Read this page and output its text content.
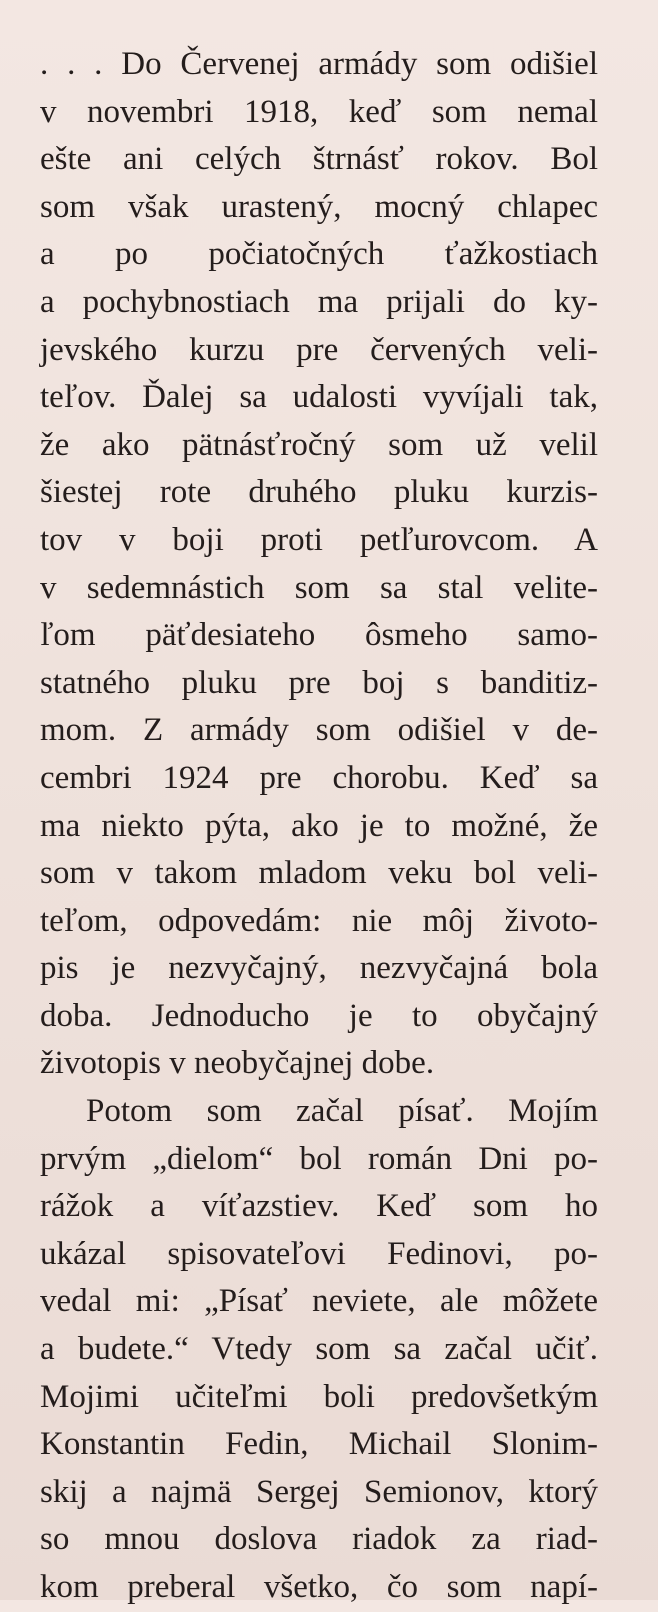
. . . Do Červenej armády som odišiel
v novembri 1918, keď som nemal
ešte ani celých štrnásť rokov. Bol
som však urastený, mocný chlapec
a po počiatočných ťažkostiach
a pochybnostiach ma prijali do ky-
jevského kurzu pre červených veli-
teľov. Ďalej sa udalosti vyvíjali tak,
že ako pätnásťročný som už velil
šiestej rote druhého pluku kurzis-
tov v boji proti petľurovcom. A
v sedemnástich som sa stal velite-
ľom päťdesiateho ôsmeho samo-
statného pluku pre boj s banditiz-
mom. Z armády som odišiel v de-
cembri 1924 pre chorobu. Keď sa
ma niekto pýta, ako je to možné, že
som v takom mladom veku bol veli-
teľom, odpovedám: nie môj životo-
pis je nezvyčajný, nezvyčajná bola
doba. Jednoducho je to obyčajný
životopis v neobyčajnej dobe.
Potom som začal písať. Mojím
prvým „dielom“ bol román Dni po-
rážok a víťazstiev. Keď som ho
ukázal spisovateľovi Fedinovi, po-
vedal mi: „Písať neviete, ale môžete
a budete.“ Vtedy som sa začal učiť.
Mojimi učiteľmi boli predovšetkým
Konstantin Fedin, Michail Slonim-
skij a najmä Sergej Semionov, ktorý
so mnou doslova riadok za riad-
kom preberal všetko, čo som napí-
